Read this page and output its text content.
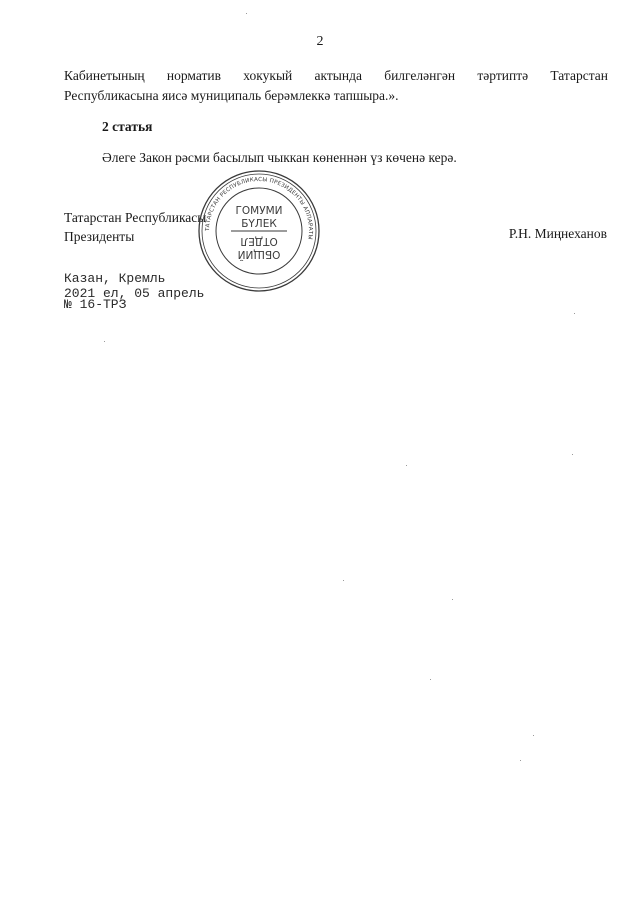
2
Кабинетының норматив хокукый актында билгеләнгән тәртиптә Татарстан
Республикасына яисә муниципаль берәмлеккә тапшыра.».
2 статья
Әлеге Закон рәсми басылып чыккан көненнән үз көченә керә.
Татарстан Республикасы
Президенты	Р.Н. Миңнеханов
ТАТАРСТАН РЕСПУБЛИКАСЫ ПРЕЗИДЕНТЫ АППАРАТЫ
ГОМУМИ
БҮЛЕК
ОТДЕЛ
ОБЩИЙ
Казан, Кремль
2021 ел, 05 апрель
№ 16-ТРЗ
